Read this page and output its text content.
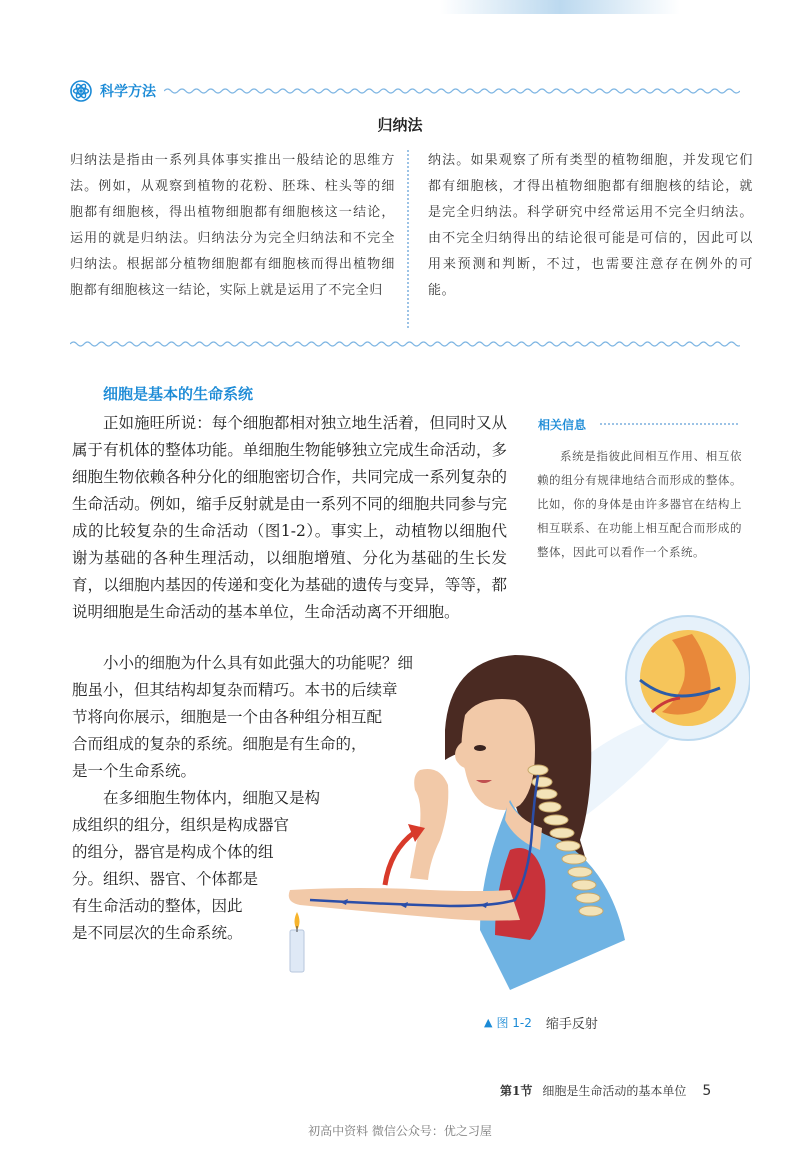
科学方法
归纳法
归纳法是指由一系列具体事实推出一般结论的思维方法。例如，从观察到植物的花粉、胚珠、柱头等的细胞都有细胞核，得出植物细胞都有细胞核这一结论，运用的就是归纳法。归纳法分为完全归纳法和不完全归纳法。根据部分植物细胞都有细胞核而得出植物细胞都有细胞核这一结论，实际上就是运用了不完全归
纳法。如果观察了所有类型的植物细胞，并发现它们都有细胞核，才得出植物细胞都有细胞核的结论，就是完全归纳法。科学研究中经常运用不完全归纳法。由不完全归纳得出的结论很可能是可信的，因此可以用来预测和判断，不过，也需要注意存在例外的可能。
细胞是基本的生命系统

正如施旺所说：每个细胞都相对独立地生活着，但同时又从属于有机体的整体功能。单细胞生物能够独立完成生命活动，多细胞生物依赖各种分化的细胞密切合作，共同完成一系列复杂的生命活动。例如，缩手反射就是由一系列不同的细胞共同参与完成的比较复杂的生命活动（图1-2）。事实上，动植物以细胞代谢为基础的各种生理活动，以细胞增殖、分化为基础的生长发育，以细胞内基因的传递和变化为基础的遗传与变异，等等，都说明细胞是生命活动的基本单位，生命活动离不开细胞。

小小的细胞为什么具有如此强大的功能呢？细
胞虽小，但其结构却复杂而精巧。本书的后续章
节将向你展示，细胞是一个由各种组分相互配
合而组成的复杂的系统。细胞是有生命的，
是一个生命系统。
在多细胞生物体内，细胞又是构
成组织的组分，组织是构成器官
的组分，器官是构成个体的组
分。组织、器官、个体都是
有生命活动的整体，因此
是不同层次的生命系统。
相关信息
系统是指彼此间相互作用、相互依赖的组分有规律地结合而形成的整体。比如，你的身体是由许多器官在结构上相互联系、在功能上相互配合而形成的整体，因此可以看作一个系统。
▲ 图 1-2 缩手反射
第1节 细胞是生命活动的基本单位 5
初高中资料 微信公众号：优之习屋
